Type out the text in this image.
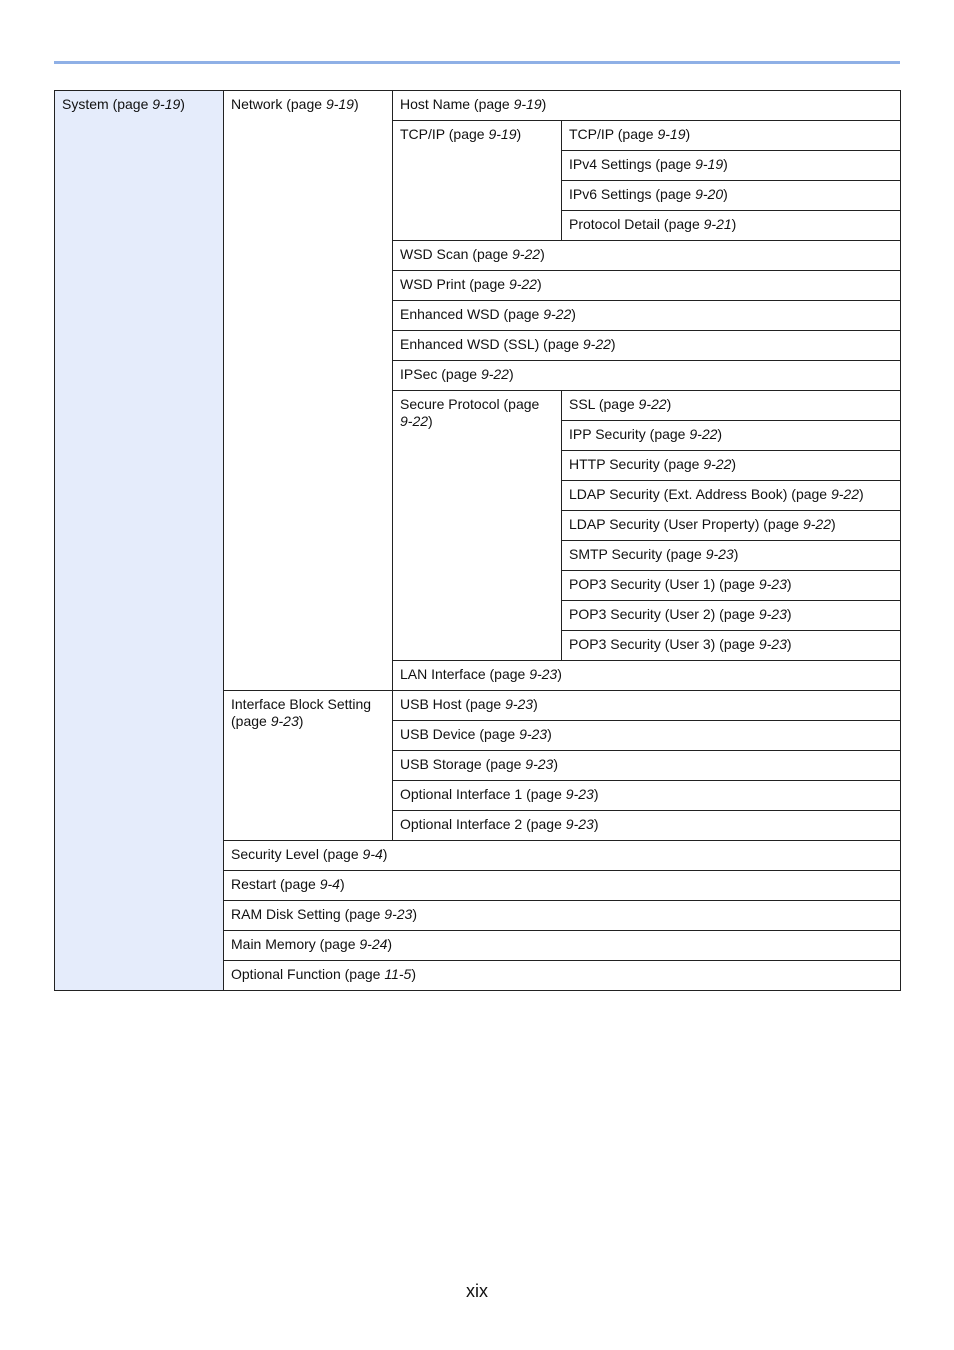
System (page 9-19)	Network (page 9-19)	Host Name (page 9-19)	
		TCP/IP (page 9-19)	TCP/IP (page 9-19)
			IPv4 Settings (page 9-19)
			IPv6 Settings (page 9-20)
			Protocol Detail (page 9-21)
		WSD Scan (page 9-22)	
		WSD Print (page 9-22)	
		Enhanced WSD (page 9-22)	
		Enhanced WSD (SSL) (page 9-22)	
		IPSec (page 9-22)	
		Secure Protocol (page 9-22)	SSL (page 9-22)
			IPP Security (page 9-22)
			HTTP Security (page 9-22)
			LDAP Security (Ext. Address Book) (page 9-22)
			LDAP Security (User Property) (page 9-22)
			SMTP Security (page 9-23)
			POP3 Security (User 1) (page 9-23)
			POP3 Security (User 2) (page 9-23)
			POP3 Security (User 3) (page 9-23)
		LAN Interface (page 9-23)	
	Interface Block Setting (page 9-23)	USB Host (page 9-23)	
		USB Device (page 9-23)	
		USB Storage (page 9-23)	
		Optional Interface 1 (page 9-23)	
		Optional Interface 2 (page 9-23)	
	Security Level (page 9-4)		
	Restart (page 9-4)		
	RAM Disk Setting (page 9-23)		
	Main Memory (page 9-24)		
	Optional Function (page 11-5)		
xix
